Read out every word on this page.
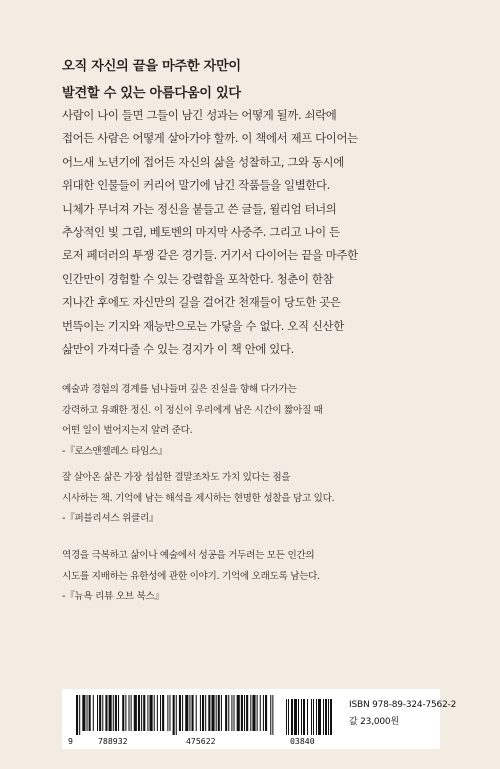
오직 자신의 끝을 마주한 자만이
발견할 수 있는 아름다움이 있다
사람이 나이 들면 그들이 남긴 성과는 어떻게 될까. 쇠락에
접어든 사람은 어떻게 살아가야 할까. 이 책에서 제프 다이어는
어느새 노년기에 접어든 자신의 삶을 성찰하고, 그와 동시에
위대한 인물들이 커리어 말기에 남긴 작품들을 일별한다.
니체가 무너져 가는 정신을 붙들고 쓴 글들, 윌리엄 터너의
추상적인 빛 그림, 베토벤의 마지막 사중주. 그리고 나이 든
로저 페더러의 투쟁 같은 경기들. 거기서 다이어는 끝을 마주한
인간만이 경험할 수 있는 강렬함을 포착한다. 청춘이 한참
지나간 후에도 자신만의 길을 걸어간 천재들이 당도한 곳은
번뜩이는 기지와 재능만으로는 가닿을 수 없다. 오직 신산한
삶만이 가져다줄 수 있는 경지가 이 책 안에 있다.
예술과 경험의 경계를 넘나들며 깊은 진실을 향해 다가가는
강력하고 유쾌한 정신. 이 정신이 우리에게 남은 시간이 짧아질 때
어떤 일이 벌어지는지 알려 준다.
-『로스앤젤레스 타임스』
잘 살아온 삶은 가장 섭섭한 결말조차도 가치 있다는 점을
시사하는 책. 기억에 남는 해석을 제시하는 현명한 성찰을 담고 있다.
-『퍼블리셔스 위클리』
역경을 극복하고 삶이나 예술에서 성공을 거두려는 모든 인간의
시도를 지배하는 유한성에 관한 이야기. 기억에 오래도록 남는다.
-『뉴욕 리뷰 오브 북스』
9	788932	475622	03840
ISBN 978-89-324-7562-2
값 23,000원
